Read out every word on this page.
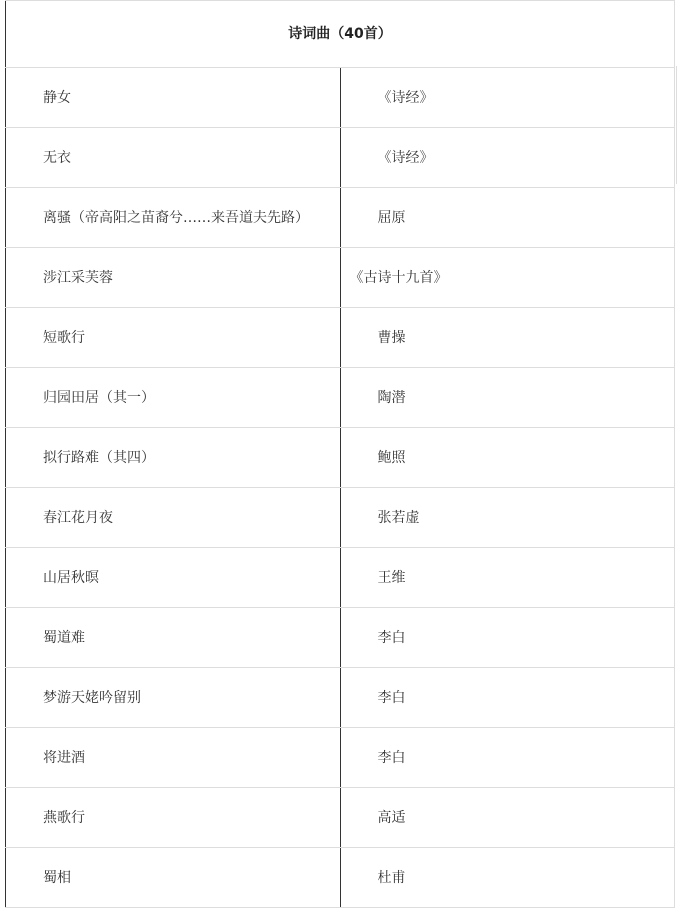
诗词曲（40首）	
静女	《诗经》
无衣	《诗经》
离骚（帝高阳之苗裔兮……来吾道夫先路）	屈原
涉江采芙蓉	《古诗十九首》
短歌行	曹操
归园田居（其一）	陶潜
拟行路难（其四）	鲍照
春江花月夜	张若虚
山居秋暝	王维
蜀道难	李白
梦游天姥吟留别	李白
将进酒	李白
燕歌行	高适
蜀相	杜甫
